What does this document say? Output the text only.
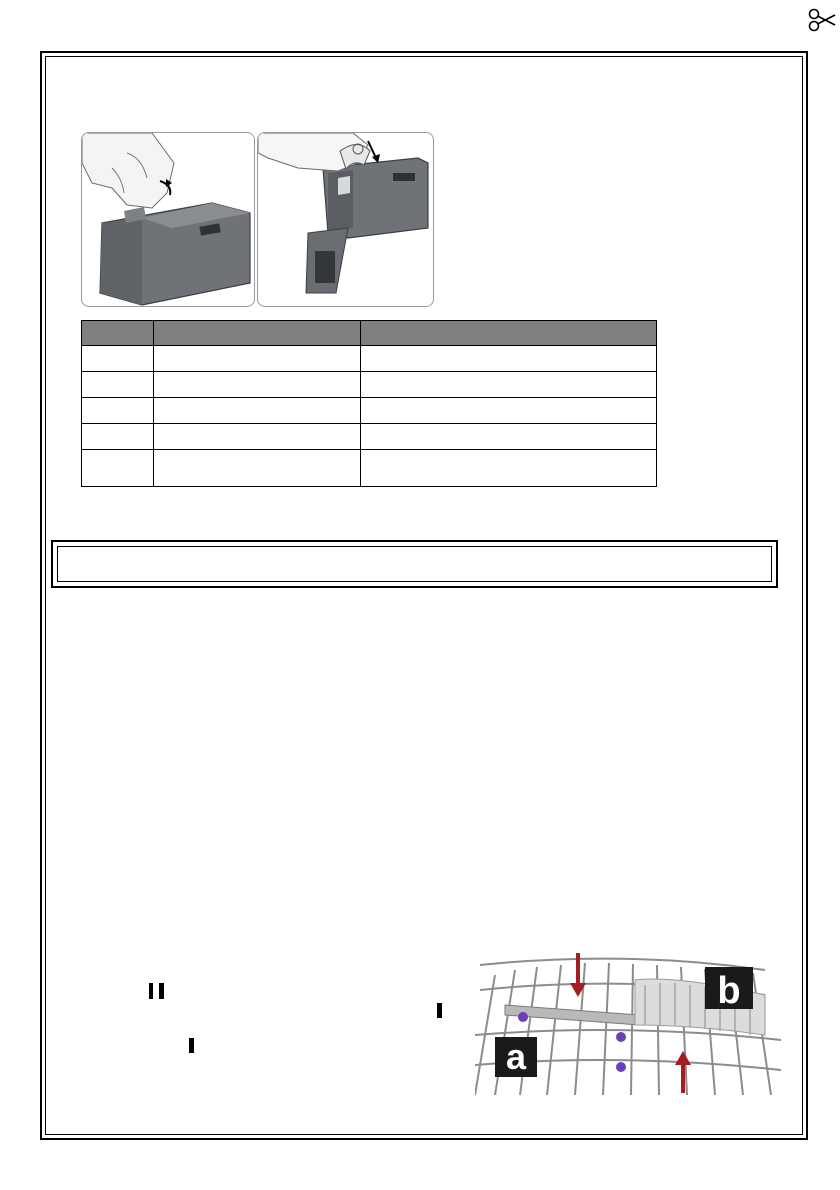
a
b
